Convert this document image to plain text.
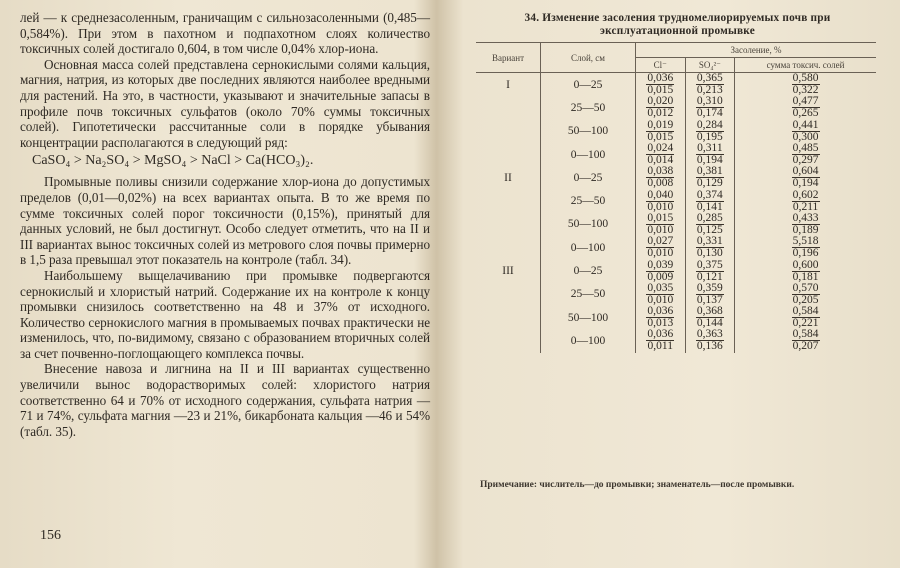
лей — к среднезасоленным, граничащим с сильнозасоленными (0,485—0,584%). При этом в пахотном и подпахотном слоях количество токсичных солей достигало 0,604, в том числе 0,04% хлор-иона.

Основная масса солей представлена сернокислыми солями кальция, магния, натрия, из которых две последних являются наиболее вредными для растений. На это, в частности, указывают и значительные запасы в профиле почв токсичных сульфатов (около 70% суммы токсичных солей). Гипотетически рассчитанные соли в порядке убывания концентрации располагаются в следующий ряд:

CaSO₄ > Na₂SO₄ > MgSO₄ > NaCl > Ca(HCO₃)₂.

Промывные поливы снизили содержание хлор-иона до допустимых пределов (0,01—0,02%) на всех вариантах опыта. В то же время по сумме токсичных солей порог токсичности (0,15%), принятый для данных условий, не был достигнут. Особо следует отметить, что на II и III вариантах вынос токсичных солей из метрового слоя почвы примерно в 1,5 раза превышал этот показатель на контроле (табл. 34).

Наибольшему выщелачиванию при промывке подвергаются сернокислый и хлористый натрий. Содержание их на контроле к концу промывки снизилось соответственно на 48 и 37% от исходного. Количество сернокислого магния в промываемых почвах практически не изменилось, что, по-видимому, связано с образованием вторичных солей за счет почвенно-поглощающего комплекса почвы.

Внесение навоза и лигнина на II и III вариантах существенно увеличили вынос водорастворимых солей: хлористого натрия соответственно 64 и 70% от исходного содержания, сульфата натрия —71 и 74%, сульфата магния —23 и 21%, бикарбоната кальция —46 и 54% (табл. 35).

156
34. Изменение засоления трудномелиорируемых почв при
эксплуатационной промывке
Вариант	Слой, см	Засоление, %		
		Cl⁻	SO₄²⁻	сумма токсич. солей
I	0—25	$\frac{0,036}{0,015}$	$\frac{0,365}{0,213}$	$\frac{0,580}{0,322}$

	25—50	$\frac{0,020}{0,012}$	$\frac{0,310}{0,174}$	$\frac{0,477}{0,265}$

	50—100	$\frac{0,019}{0,015}$	$\frac{0,284}{0,195}$	$\frac{0,441}{0,300}$

	0—100	$\frac{0,024}{0,014}$	$\frac{0,311}{0,194}$	$\frac{0,485}{0,297}$

II	0—25	$\frac{0,038}{0,008}$	$\frac{0,381}{0,129}$	$\frac{0,604}{0,194}$

	25—50	$\frac{0,040}{0,010}$	$\frac{0,374}{0,141}$	$\frac{0,602}{0,211}$

	50—100	$\frac{0,015}{0,010}$	$\frac{0,285}{0,125}$	$\frac{0,433}{0,189}$

	0—100	$\frac{0,027}{0,010}$	$\frac{0,331}{0,130}$	$\frac{5,518}{0,196}$

III	0—25	$\frac{0,039}{0,009}$	$\frac{0,375}{0,121}$	$\frac{0,600}{0,181}$

	25—50	$\frac{0,035}{0,010}$	$\frac{0,359}{0,137}$	$\frac{0,570}{0,205}$

	50—100	$\frac{0,036}{0,013}$	$\frac{0,368}{0,144}$	$\frac{0,584}{0,221}$

	0—100	$\frac{0,036}{0,011}$	$\frac{0,363}{0,136}$	$\frac{0,584}{0,207}$
Примечание: числитель—до промывки; знаменатель—после промывки.
